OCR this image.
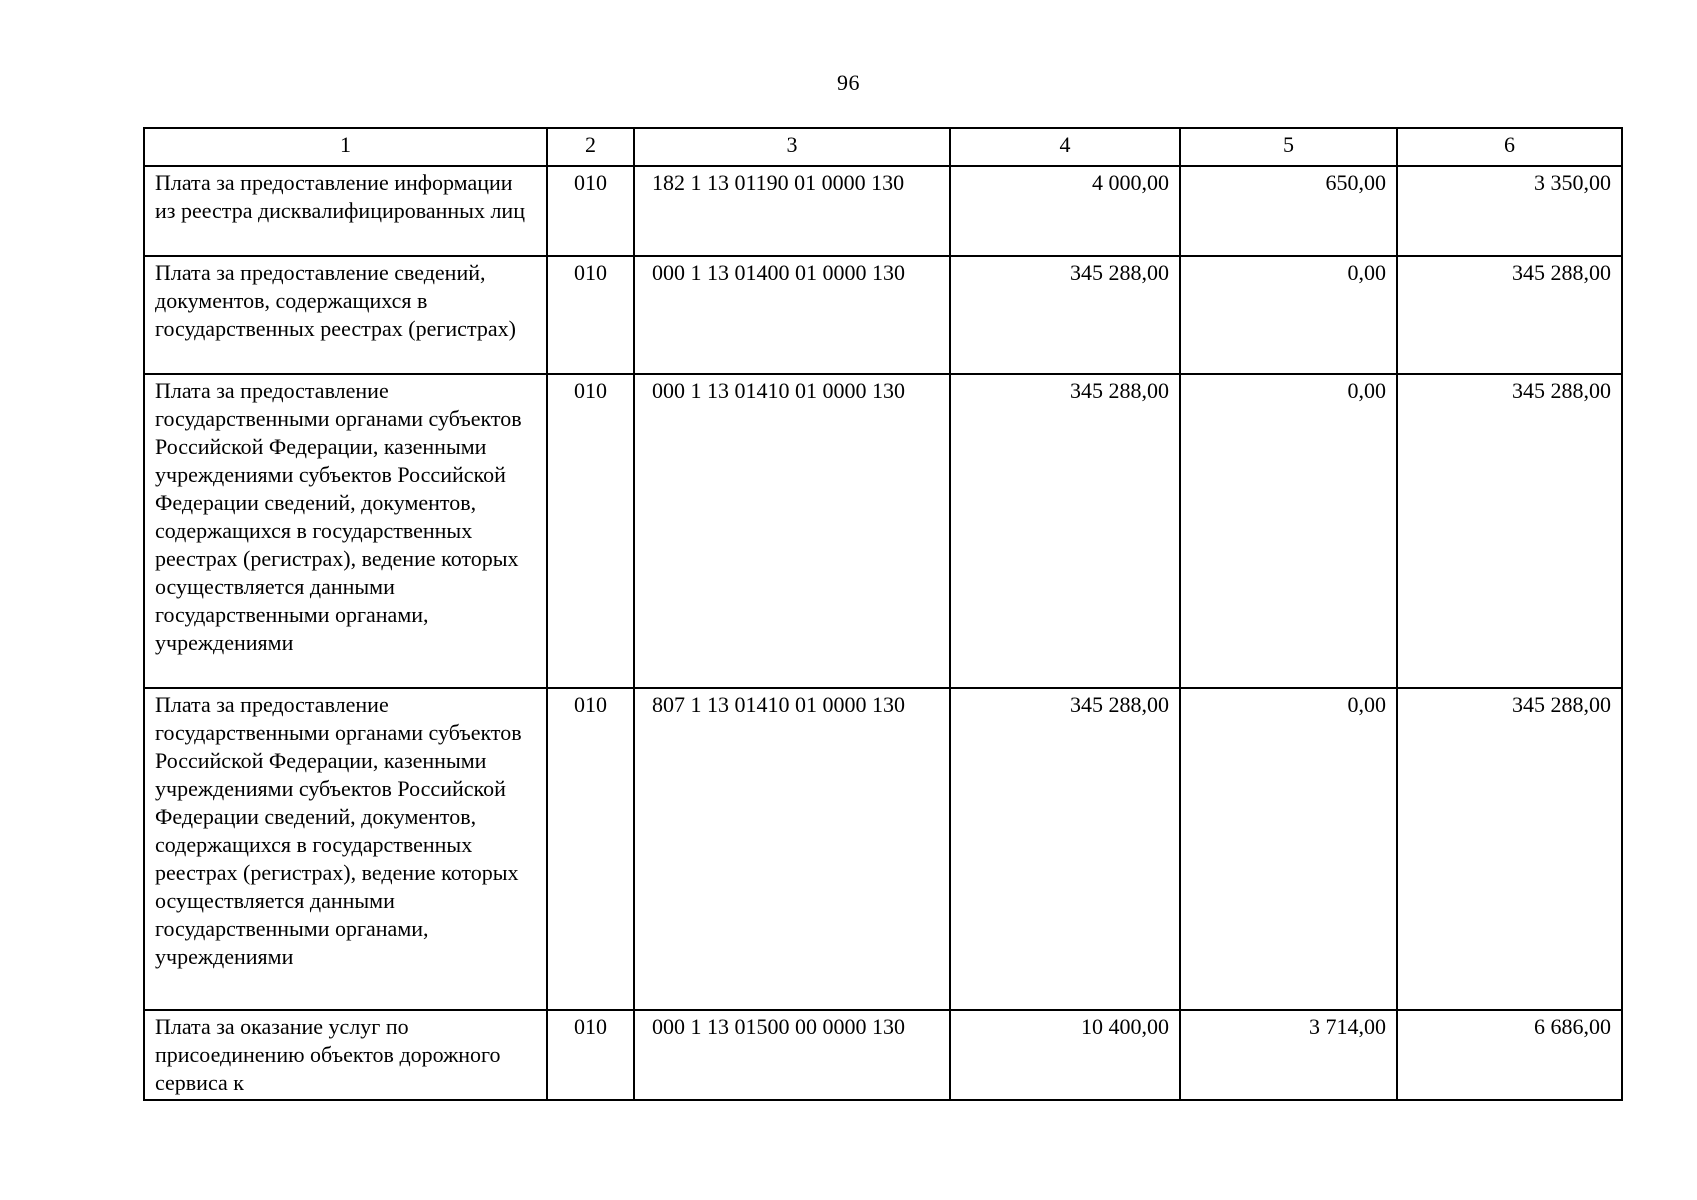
96
1	2	3	4	5	6
Плата за предоставление информации из реестра дисквалифицированных лиц	010	182 1 13 01190 01 0000 130	4 000,00	650,00	3 350,00
Плата за предоставление сведений, документов, содержащихся в государственных реестрах (регистрах)	010	000 1 13 01400 01 0000 130	345 288,00	0,00	345 288,00
Плата за предоставление государственными органами субъектов Российской Федерации, казенными учреждениями субъектов Российской Федерации сведений, документов, содержащихся в государственных реестрах (регистрах), ведение которых осуществляется данными государственными органами, учреждениями	010	000 1 13 01410 01 0000 130	345 288,00	0,00	345 288,00
Плата за предоставление государственными органами субъектов Российской Федерации, казенными учреждениями субъектов Российской Федерации сведений, документов, содержащихся в государственных реестрах (регистрах), ведение которых осуществляется данными государственными органами, учреждениями	010	807 1 13 01410 01 0000 130	345 288,00	0,00	345 288,00
Плата за оказание услуг по присоединению объектов дорожного сервиса к	010	000 1 13 01500 00 0000 130	10 400,00	3 714,00	6 686,00
